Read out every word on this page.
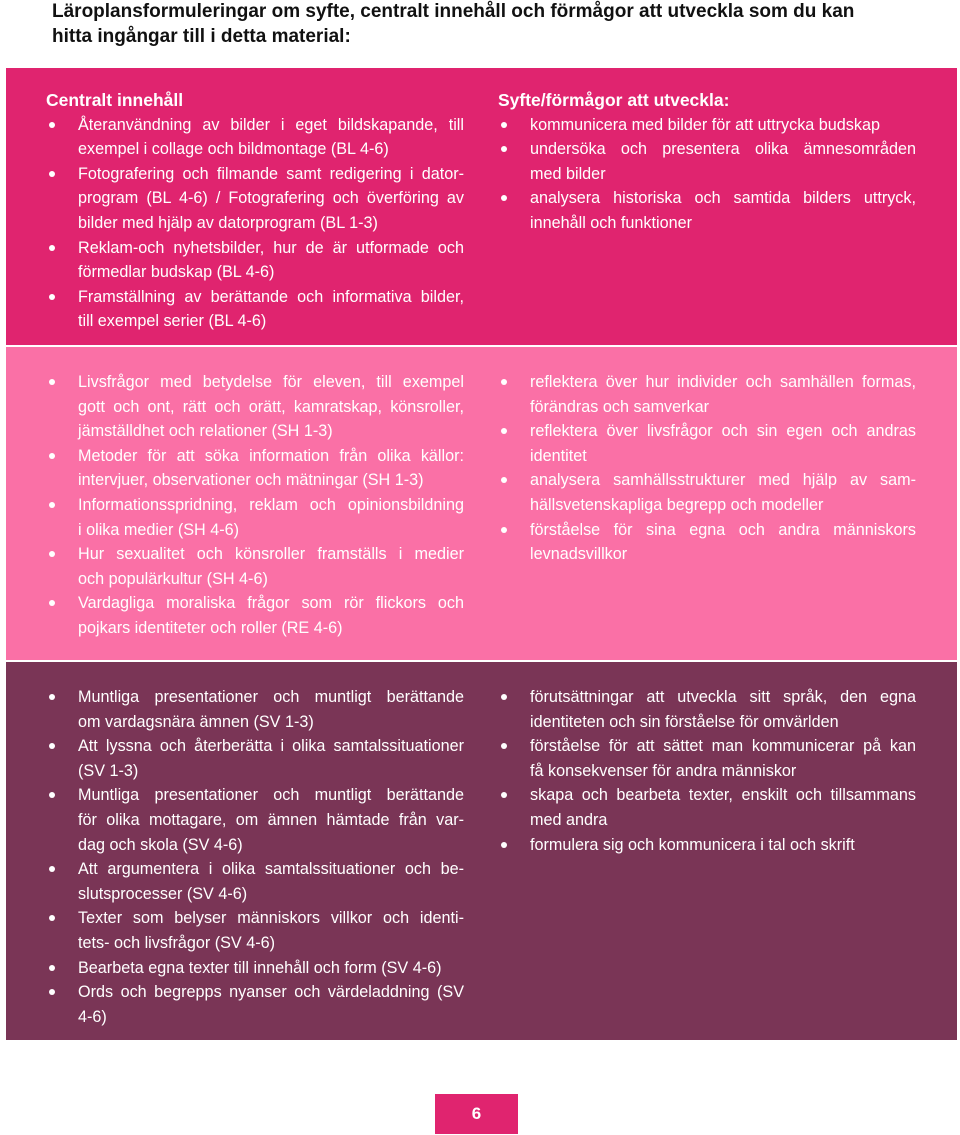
Läroplansformuleringar om syfte, centralt innehåll och förmågor att utveckla som du kan
hitta ingångar till i detta material:
Centralt innehåll
Återanvändning av bilder i eget bildskapande, till
exempel i collage och bildmontage (BL 4-6)
Fotografering och filmande samt redigering i dator-
program (BL 4-6) / Fotografering och överföring av
bilder med hjälp av datorprogram (BL 1-3)
Reklam-och nyhetsbilder, hur de är utformade och
förmedlar budskap (BL 4-6)
Framställning av berättande och informativa bilder,
till exempel serier (BL 4-6)
Syfte/förmågor att utveckla:
kommunicera med bilder för att uttrycka budskap
undersöka och presentera olika ämnesområden
med bilder
analysera historiska och samtida bilders uttryck,
innehåll och funktioner
Livsfrågor med betydelse för eleven, till exempel
gott och ont, rätt och orätt, kamratskap, könsroller,
jämställdhet och relationer (SH 1-3)
Metoder för att söka information från olika källor:
intervjuer, observationer och mätningar (SH 1-3)
Informationsspridning, reklam och opinionsbildning
i olika medier (SH 4-6)
Hur sexualitet och könsroller framställs i medier
och populärkultur (SH 4-6)
Vardagliga moraliska frågor som rör flickors och
pojkars identiteter och roller (RE 4-6)
reflektera över hur individer och samhällen formas,
förändras och samverkar
reflektera över livsfrågor och sin egen och andras
identitet
analysera samhällsstrukturer med hjälp av sam-
hällsvetenskapliga begrepp och modeller
förståelse för sina egna och andra människors
levnadsvillkor
Muntliga presentationer och muntligt berättande
om vardagsnära ämnen (SV 1-3)
Att lyssna och återberätta i olika samtalssituationer
(SV 1-3)
Muntliga presentationer och muntligt berättande
för olika mottagare, om ämnen hämtade från var-
dag och skola (SV 4-6)
Att argumentera i olika samtalssituationer och be-
slutsprocesser (SV 4-6)
Texter som belyser människors villkor och identi-
tets- och livsfrågor (SV 4-6)
Bearbeta egna texter till innehåll och form (SV 4-6)
Ords och begrepps nyanser och värdeladdning (SV
4-6)
förutsättningar att utveckla sitt språk, den egna
identiteten och sin förståelse för omvärlden
förståelse för att sättet man kommunicerar på kan
få konsekvenser för andra människor
skapa och bearbeta texter, enskilt och tillsammans
med andra
formulera sig och kommunicera i tal och skrift
6
